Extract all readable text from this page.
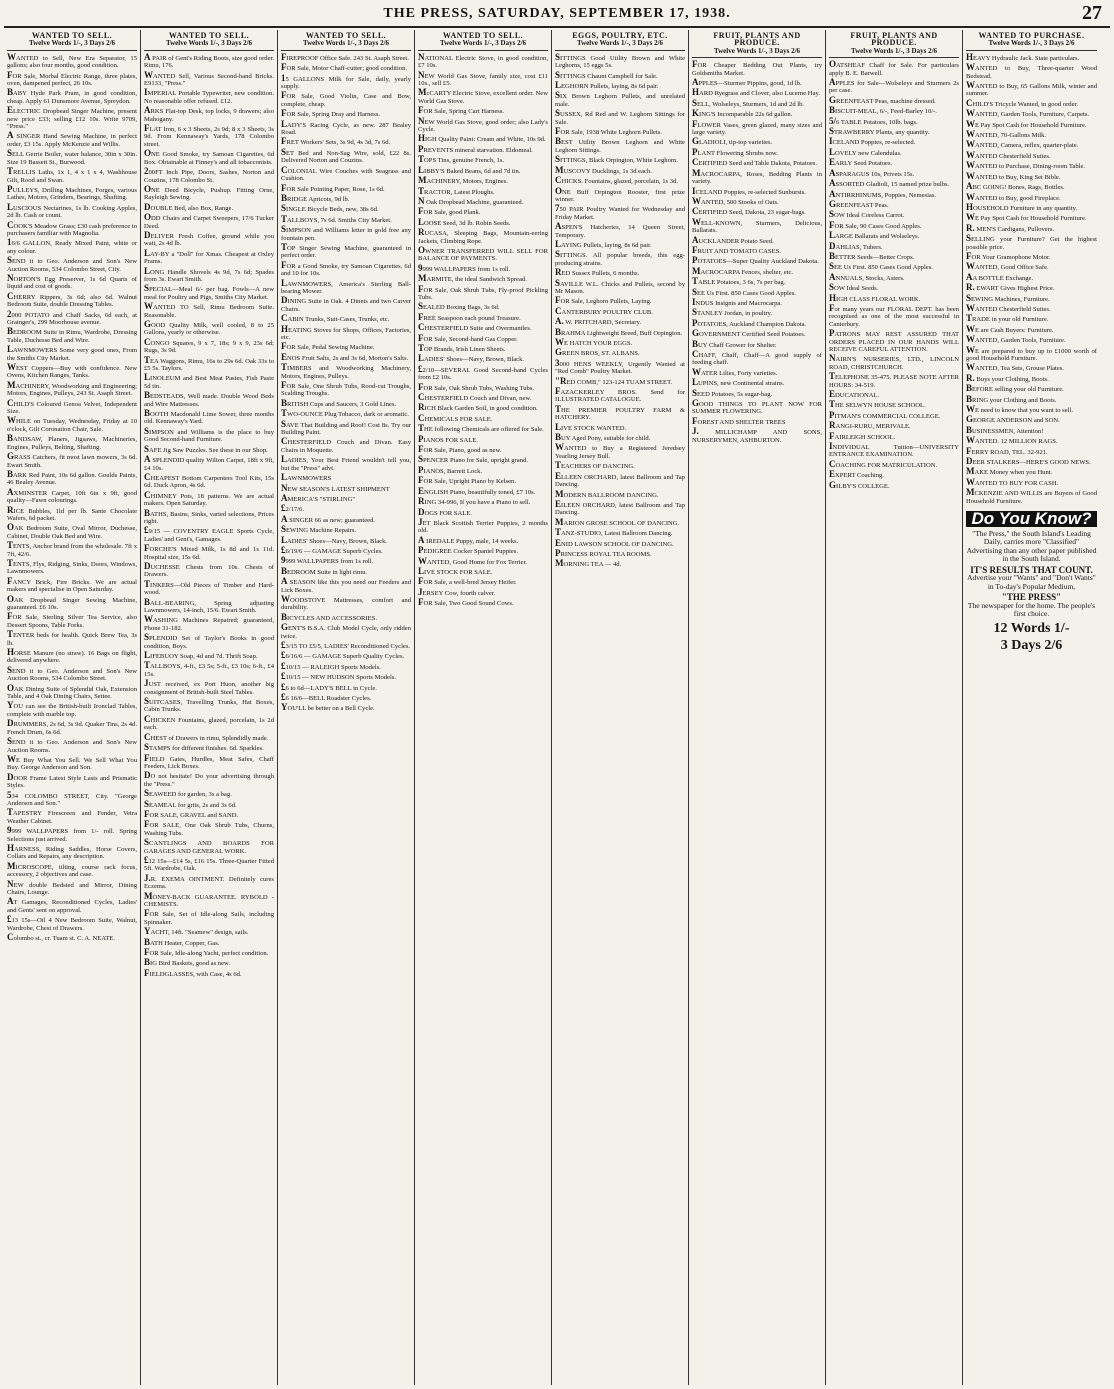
THE PRESS, SATURDAY, SEPTEMBER 17, 1938.	27
WANTED TO SELL.
Twelve Words 1/-, 3 Days 2/6
WANTED to Sell, New Era Separator, 15 gallons; also four months, good condition.
FOR Sale, Morbal Electric Range, three plates, oven, dampened perfect, 26 10s.
BABY Hyde Park Pram, in good condition, cheap. Apply 61 Dunsmore Avenue, Spreydon.
ELECTRIC Dropbead Singer Machine, present new price £33; selling £12 10s. Write 9709, "Press."
A SINGER Hand Sewing Machine, in perfect order, £3 15s. Apply McKenzie and Willis.
SELL Gerrie Boiler, water balance, 30in x 30in. Size 19 Bassett St., Burwood.
TRELLIS Laths, 1x 1, 4 x 1 x 4, Washhouse Gilt, Rood and Swan.
PULLEYS, Drilling Machines, Forges, various Lathes, Motors, Grinders, Bearings, Shafting.
LUSCIOUS Nectarines, 1s lb. Cooking Apples, 2d lb. Cash or count.
COOK'S Meadow Grass; £30 cash preference to purchasers familiar with Magnolia.
16/6 GALLON, Ready Mixed Paint, white or any colour.
SEND it to Geo. Anderson and Son's New Auction Rooms, 534 Colombo Street, City.
NORTON'S Egg Preserver, 1s 6d Quarts of liquid and cost of goods.
CHERRY Rippers, 3s 6d; also 6d. Walnut Bedroom Suite, double Dressing Tables.
2000 POTATO and Chaff Sacks, 6d each, at Grainger's, 299 Moorhouse avenue.
BEDROOM Suite in Rimu, Wardrobe, Dressing Table, Duchesse Bed and Wire.
LAWNMOWERS Some very good ones, From the Smiths City Market.
WEST Coppers—Buy with confidence. New Ovens, Kitchen Ranges, Tanks.
MACHINERY, Woodworking and Engineering; Motors, Engines, Pulleys, 243 St. Asaph Street.
CHILD'S Coloured Genoa Velvet, Independent Size.
WHILE on Tuesday, Wednesday, Friday at 10 o'clock, Gilt Coronation Chair, Sale.
BANDSAW, Planers, Jigsaws, Machineries, Engines, Pulleys, Belting, Shafting.
GRASS Catchers, fit most lawn mowers, 3s 6d. Ewart Smith.
BARK Red Paint, 10s 6d gallon. Goulds Paints, 46 Bealey Avenue.
AXMINSTER Carpet, 10ft 6in x 9ft, good quality—Fawn colourings.
RICE Bubbles, 1ld per lb. Sante Chocolate Wafers, 6d packet.
OAK Bedroom Suite, Oval Mirror, Duchesse, Cabinet, Double Oak Bed and Wire.
TENTS, Anchor brand from the wholesale. 7ft x 7ft, 42/6.
TENTS, Flys, Ridging, Sinks, Doors, Windows, Lawnmowers.
FANCY Brick, Fire Bricks. We are actual makers and specialise in Open Saturday.
OAK Dropbead Singer Sewing Machine, guaranteed. £6 10s.
FOR Sale, Sterling Silver Tea Service, also Dessert Spoons, Table Forks.
TENTER beds for health. Quick Brew Tea, 3s lb.
HORSE Manure (no straw). 16 Bags on flight, delivered anywhere.
SEND it to Geo. Anderson and Son's New Auction Rooms, 534 Colombo Street.
OAK Dining Suite of Splendid Oak, Extension Table, and 4 Oak Dining Chairs, Settee.
YOU can see the British-built Ironclad Tables, complete with marble top.
DRUMMERS, 2s 6d, 3s 9d. Quaker Tins, 2s 4d. French Drum, 6s 6d.
SEND it to Geo. Anderson and Son's New Auction Rooms.
WE Buy What You Sell. We Sell What You Buy. George Anderson and Son.
DOOR Frame Latest Style Lasts and Prismatic Styles.
534 COLOMBO STREET, City. "George Anderson and Son."
TAPESTRY Firescreen and Fender, Vetra Weather Cabinet.
9999 WALLPAPERS from 1/- roll. Spring Selections just arrived.
HARNESS, Riding Saddles, Horse Covers, Collars and Repairs, any description.
MICROSCOPE, tilting, course rack focus, accessory, 2 objectives and case.
NEW double Bedsted and Mirror, Dining Chairs, Lounge.
AT Gamages, Reconditioned Cycles, Ladies' and Gents' sent on approval.
£13 15s—Oil 4 New Bedroom Suite, Walnut, Wardrobe, Chest of Drawers.
Colombo st., cr. Tuam st. C. A. NEATE.
WANTED TO SELL.
Twelve Words 1/-, 3 Days 2/6
A PAIR of Gent's Riding Boots, size good order. Rimu, 176.
WANTED Sell, Various Second-hand Bricks. E9133, "Press."
IMPERIAL Portable Typewriter, new condition. No reasonable offer refused. £12.
ARKS Flat-top Desk, top locks, 9 drawers; also Mahogany.
FLAT Iron, 6 x 3 Sheets, 2s 9d; 8 x 3 Sheets, 3s 9d. From Kennaway's Yards, 178 Colombo street.
ONE Good Smoke, try Samoan Cigarettes, 6d Box. Obtainable at Finney's and all tobacconists.
200FT Inch Pipe, Doors, Sashes, Norton and Couzins, 178 Colombo St.
ONE Deed Bicycle, Pushup. Fitting Orne, Rayleigh Sewing.
DOUBLE Bed, also Box, Range.
ODD Chairs and Carpet Sweepers, 17/6 Tucker Deed.
DELIVER Fresh Coffee, ground while you wait, 2s 4d lb.
LAY-BY a "Doll" for Xmas. Cheapest at Oxley Prams.
LONG Handle Shovels 4s 9d, 7s 6d; Spades from 3s. Ewart Smith.
SPECIAL—Meal 6/- per bag. Fowls—A new meal for Poultry and Pigs, Smiths City Market.
WANTED TO Sell, Rimu Bedroom Suite. Reasonable.
GOOD Quality Milk, well cooled, 8 to 25 Gallons, yearly or otherwise.
CONGO Squares, 9 x 7, 18s; 9 x 9, 23s 6d; Rugs, 3s 9d.
TEA Waggons, Rimu, 16s to 29s 6d. Oak 33s to £5 5s. Taylors.
LINOLEUM and Best Meat Pastes, Fish Paste 5d tin.
BEDSTEADS, Well made. Double Wood Beds and Wire Mattresses.
BOOTH Macdonald Lime Sower, three months old. Kennaway's Yard.
SIMPSON and Williams is the place to buy Good Second-hand Furniture.
SAFE Jig Saw Puzzles. See these in our Shop.
A SPLENDID quality Wilton Carpet, 18ft x 9ft, £4 10s.
CHEAPEST Bottom Carpenters Tool Kits, 15s 6d. Duck Apron, 4s 6d.
CHIMNEY Pots, 18 patterns. We are actual makers. Open Saturday.
BATHS, Basins, Sinks, varied selections, Prices right.
£9/15 — COVENTRY EAGLE Sports Cycle, Ladies' and Gent's, Gamages.
FORCHE'S Mixed Milk, 1s 8d and 1s 11d. Hospital size, 15s 6d.
DUCHESSE Chests from 10s. Chests of Drawers.
TINKERS—Old Pieces of Timber and Hard-wood.
BALL-BEARING, Spring adjusting Lawnmowers, 14-inch, 15/6. Ewart Smith.
WASHING Machines Repaired; guaranteed, Phone 31-182.
SPLENDID Set of Taylor's Books in good condition, Boys.
LIFEBUOY Soap, 4d and 7d. Thrift Soap.
TALLBOYS, 4-ft., £3 5s; 5-ft., £3 10s; 6-ft., £4 15s.
JUST received, ex Port Huon, another big consignment of British-built Steel Tables.
SUITCASES, Travelling Trunks, Hat Boxes, Cabin Trunks.
CHICKEN Fountains, glazed, porcelain, 1s 2d each.
CHEST of Drawers in rimu, Splendidly made.
STAMPS for different finishes. 6d. Sparkles.
FIELD Gates, Hurdles, Meat Safes, Chaff Feeders, Lick Boxes.
DO not hesitate! Do your advertising through the "Press."
SEAWEED for garden, 3s a bag.
SEAMEAL for grits, 2s and 3s 6d.
FOR SALE, GRAVEL and SAND.
FOR SALE, One Oak Shrub Tubs, Churns, Washing Tubs.
SCANTLINGS AND BOARDS FOR GARAGES AND GENERAL WORK.
£12 15s—£14 5s, £16 15s. Three-Quarter Fitted 5ft. Wardrobe, Oak.
J.R. EXEMA OINTMENT. Definitely cures Eczema.
MONEY-BACK GUARANTEE. RYBOLD - CHEMISTS.
FOR Sale, Set of Idle-along Sails, including Spinnaker.
YACHT, 14ft. "Seamew" design, sails.
BATH Heater, Copper, Gas.
FOR Sale, Idle-along Yacht, perfect condition.
BIG Bird Baskets, good as new.
FIELDGLASSES, with Case, 4s 6d.
WANTED TO SELL.
Twelve Words 1/-, 3 Days 2/6
FIREPROOF Office Safe. 243 St. Asaph Street.
FOR Sale, Motor Chaff-cutter; good condition.
15 GALLONS Milk for Sale, daily, yearly supply.
FOR Sale, Good Violin, Case and Bow, complete, cheap.
FOR Sale, Spring Dray and Harness.
LADY'S Racing Cycle, as new. 287 Bealey Road.
FRET Workers' Sets, 3s 9d, 4s 3d, 7s 6d.
SET Bed and Non-Sag Wire, sold, £22 8s. Delivered Norton and Couzins.
COLONIAL Wire Couches with Seagrass and Cushion.
FOR Sale Pointing Paper, Rose, 1s 6d.
BRIDGE Apricots, 9d lb.
SINGLE Bicycle Beds, new, 38s 6d.
TALLBOYS, 7s 6d. Smiths City Market.
SIMPSON and Williams letter in gold free any fountain pen.
TOP Singer Sewing Machine, guaranteed in perfect order.
FOR a Good Smoke, try Samoan Cigarettes. 6d and 10 for 10s.
LAWNMOWERS, America's Sterling Ball-bearing Mower.
DINING Suite in Oak. 4 Dinets and two Carver Chairs.
CABIN Trunks, Suit-Cases, Trunks, etc.
HEATING Stoves for Shops, Offices, Factories, etc.
FOR Sale, Pedal Sewing Machine.
ENOS Fruit Salts, 2s and 3s 6d, Morton's Salts.
TIMBERS and Woodworking Machinery, Motors, Engines, Pulleys.
FOR Sale, One Shrub Tubs, Rood-cut Troughs, Scalding Troughs.
BRITISH Cups and Saucers, 3 Gold Lines.
TWO-OUNCE Plug Tobacco, dark or aromatic.
SAVE That Building and Roof! Cost 8s. Try our Building Paint.
CHESTERFIELD Couch and Divan. Easy Chairs in Moquette.
LADIES, Your Best Friend wouldn't tell you, but the "Press" advt.
LAWNMOWERS
NEW SEASON'S LATEST SHIPMENT
AMERICA'S "STIRLING"
£2/17/6.
A SINGER 66 as new; guaranteed.
SEWING Machine Repairs.
LADIES' Shoes—Navy, Brown, Black.
£6/19/6 — GAMAGE Superb Cycles.
9999 WALLPAPERS from 1s roll.
BEDROOM Suite in light rimu.
A SEASON like this you need our Feeders and Lick Boxes.
WOODSTOVE Mattresses, comfort and durability.
BICYCLES AND ACCESSORIES.
GENT'S B.S.A. Club Model Cycle, only ridden twice.
£3/15 TO £5/5, LADIES' Reconditioned Cycles.
£6/16/6 — GAMAGE Superb Quality Cycles.
£10/15 — RALEIGH Sports Models.
£10/15 — NEW HUDSON Sports Models.
£6 to 6d—LADY'S BELL in Cycle.
£6 16/6—BELL Roadster Cycles.
YOU'LL be better on a Bell Cycle.
WANTED TO SELL.
Twelve Words 1/-, 3 Days 2/6
NATIONAL Electric Stove, in good condition, £7 10s.
NEW World Gas Stove, family size, cost £11 10s., sell £5.
McCARTY Electric Stove, excellent order. New World Gas Stove.
FOR Sale, Spring Cart Harness.
NEW World Gas Stove, good order; also Lady's Cycle.
HIGH Quality Paint: Cream and White, 10s 9d.
PREVENTS mineral starvation. Eldomeal.
TOPS Tins, genuine French, 1s.
LIBBY'S Baked Beans, 6d and 7d tin.
MACHINERY, Motors, Engines.
TRACTOR, Latest Ploughs.
N Oak Dropbead Machine, guaranteed.
FOR Sale, good Plank.
LOOSE Seed, 3d lb. Robin Seeds.
RUCASA, Sleeping Bags, Mountain-eering Jackets, Climbing Rope.
OWNER TRANSFERRED WILL SELL FOR BALANCE OF PAYMENTS.
9999 WALLPAPERS from 1s roll.
MARMITE, the ideal Sandwich Spread.
FOR Sale, Oak Shrub Tubs, Fly-proof Pickling Tubs.
SEALED Boxing Bags, 3s 6d.
FREE Seaspoon each pound Treasure.
CHESTERFIELD Suite and Overmantles.
FOR Sale, Second-hand Gas Copper.
TOP Brands, Irish Linen Sheets.
LADIES' Shoes—Navy, Brown, Black.
£2/10—SEVERAL Good Second-hand Cycles from £2 10s.
FOR Sale, Oak Shrub Tubs, Washing Tubs.
CHESTERFIELD Couch and Divan, new.
RICH Black Garden Soil, in good condition.
CHEMICALS FOR SALE.
THE following Chemicals are offered for Sale.
PIANOS FOR SALE.
FOR Sale, Piano, good as new.
SPENCER Piano for Sale, upright grand.
PIANOS, Barrett Lock.
FOR Sale, Upright Piano by Kelsen.
ENGLISH Piano, beautifully toned, £7 10s.
RING 34-996, If you have a Piano to sell.
DOGS FOR SALE.
JET Black Scottish Terrier Puppies, 2 months old.
A IREDALE Puppy, male, 14 weeks.
PEDIGREE Cocker Spaniel Puppies.
WANTED, Good Home for Fox Terrier.
LIVE STOCK FOR SALE.
FOR Sale, a well-bred Jersey Heifer.
JERSEY Cow, fourth calver.
FOR Sale, Two Good Sound Cows.
EGGS, POULTRY, ETC.
Twelve Words 1/-, 3 Days 2/6
SITTINGS Good Utility Brown and White Leghorns, 15 eggs 5s.
SITTINGS Chaunt Campbell for Sale.
LEGHORN Pullets, laying, 8s 6d pair.
SIX Brown Leghorn Pullets, and unrelated male.
SUSSEX, Rd Red and W. Leghorn Sittings for Sale.
FOR Sale, 1938 White Leghorn Pullets.
BEST Utility Brown Leghorn and White Leghorn Sittings.
SITTINGS, Black Orpington, White Leghorn.
MUSCOVY Ducklings, 1s 3d each.
CHICKS. Fountains, glazed, porcelain, 1s 3d.
ONE Buff Orpington Rooster, first prize winner.
750 PAIR Poultry Wanted for Wednesday and Friday Market.
ASPEN'S Hatcheries, 14 Queen Street, Temporary.
LAYING Pullets, laying, 8s 6d pair.
SITTINGS. All popular breeds, this egg-producing strains.
RED Sussex Pullets, 6 months.
SAVILLE W.L. Chicks and Pullets, second by Mr Mason.
FOR Sale, Leghorn Pullets, Laying.
CANTERBURY POULTRY CLUB.
A. W. PRITCHARD, Secretary.
BRAHMA Lightweight Breed, Buff Orpington.
WE HATCH YOUR EGGS.
GREEN BROS, ST. ALBANS.
3000 HENS WEEKLY, Urgently Wanted at "Red Comb" Poultry Market.
"RED COMB," 123-124 TUAM STREET.
FAZACKERLEY BROS. Send for ILLUSTRATED CATALOGUE.
THE PREMIER POULTRY FARM & HATCHERY.
LIVE STOCK WANTED.
BUY Aged Pony, suitable for child.
WANTED to Buy a Registered Jeredsey Yearling Jersey Bull.
TEACHERS OF DANCING.
ELLEEN ORCHARD, latest Ballroom and Tap Dancing.
MODERN BALLROOM DANCING.
EILEEN ORCHARD, latest Ballroom and Tap Dancing.
MARION GROSE SCHOOL OF DANCING.
TANZ-STUDIO, Latest Ballroom Dancing.
ENID LAWSON SCHOOL OF DANCING.
PRINCESS ROYAL TEA ROOMS.
MORNING TEA — 4d.
FRUIT, PLANTS AND PRODUCE.
Twelve Words 1/-, 3 Days 2/6
FOR Cheaper Bedding Out Plants, try Goldsmiths Market.
APPLES—Sturmer Pippins, good, 1d lb.
HARD Ryegrass and Clover, also Lucerne Hay.
SELL, Wolseleys, Sturmers, 1d and 2d lb.
KING'S Incomparable 22s 6d gallon.
FLOWER Vases, green glazed, many sizes and large variety.
GLADIOLI, tip-top varieties.
PLANT Flowering Shrubs now.
CERTIFIED Seed and Table Dakota, Potatoes.
MACROCARPA, Roses, Bedding Plants in variety.
ICELAND Poppies, re-selected Sunbursts.
WANTED, 500 Stooks of Oats.
CERTIFIED Seed, Dakota, 23 sugar-bags.
WELL-KNOWN, Sturmers, Delicious, Ballarats.
AUCKLANDER Potato Seed.
FRUIT AND TOMATO CASES.
POTATOES—Super Quality Auckland Dakota.
MACROCARPA Fences, shelter, etc.
TABLE Potatoes, 3 6s, 7s per bag.
SEE Us First. 850 Cases Good Apples.
INDUS Insignis and Macrocarpa.
STANLEY Jordan, in poultry.
POTATOES, Auckland Champion Dakota.
GOVERNMENT Certified Seed Potatoes.
BUY Chaff Grower for Shelter.
CHAFF, Chaff, Chaff—A good supply of feeding chaff.
WATER Lilies, Forty varieties.
LUPINS, new Continental strains.
SEED Potatoes, 5s sugar-bag.
GOOD THINGS TO PLANT NOW FOR SUMMER FLOWERING.
FOREST AND SHELTER TREES
J. MILLICHAMP AND SONS, NURSERYMEN, ASHBURTON.
FRUIT, PLANTS AND PRODUCE.
Twelve Words 1/-, 3 Days 2/6
OATSHEAF Chaff for Sale. For particulars apply B. E. Barwell.
APPLES for Sale—Wolseleys and Sturmers 2s per case.
GREENFEAST Peas, machine dressed.
BISCUIT-MEAL, 6/-, Feed-Barley 10/-.
5/6 TABLE Potatoes, 10lb. bags.
STRAWBERRY Plants, any quantity.
ICELAND Poppies, re-selected.
LOVELY new Calendulas.
EARLY Seed Potatoes.
ASPARAGUS 10s, Privets 15s.
ASSORTED Gladioli, 15 named prize bulbs.
ANTIRRHINUMS, Poppies, Nemesias.
GREENFEAST Peas.
SOW Ideal Coreless Carrot.
FOR Sale, 90 Cases Good Apples.
LARGE Ballarats and Wolseleys.
DAHLIAS, Tubers.
BETTER Seeds—Better Crops.
SEE Us First. 850 Cases Good Apples.
ANNUALS, Stocks, Asters.
SOW Ideal Seeds.
HIGH CLASS FLORAL WORK.
For many years our FLORAL DEPT. has been recognised as one of the most successful in Canterbury.
PATRONS MAY REST ASSURED THAT ORDERS PLACED IN OUR HANDS WILL RECEIVE CAREFUL ATTENTION.
NAIRN'S NURSERIES, LTD., LINCOLN ROAD, CHRISTCHURCH.
TELEPHONE 35-475. PLEASE NOTE AFTER HOURS: 34-519.
EDUCATIONAL.
THE SELWYN HOUSE SCHOOL.
PITMAN'S COMMERCIAL COLLEGE.
RANGI-RURU, MERIVALE.
FAIRLEIGH SCHOOL.
INDIVIDUAL Tuition—UNIVERSITY ENTRANCE EXAMINATION.
COACHING FOR MATRICULATION.
EXPERT Coaching.
GILBY'S COLLEGE.
WANTED TO PURCHASE.
Twelve Words 1/-, 3 Days 2/6
HEAVY Hydraulic Jack. State particulars.
WANTED to Buy, Three-quarter Wood Bedstead.
WANTED to Buy, 65 Gallons Milk, winter and summer.
CHILD'S Tricycle Wanted, in good order.
WANTED, Garden Tools, Furniture, Carpets.
WE Pay Spot Cash for Household Furniture.
WANTED, 70-Gallons Milk.
WANTED, Camera, reflex, quarter-plate.
WANTED Chesterfield Suites.
WANTED to Purchase, Dining-room Table.
WANTED to Buy, King Set Bible.
ABC GOING! Bones, Rags, Bottles.
WANTED to Buy, good Fireplace.
HOUSEHOLD Furniture in any quantity.
WE Pay Spot Cash for Household Furniture.
R. MEN'S Cardigans, Pullovers.
SELLING your Furniture? Get the highest possible price.
FOR Your Gramophone Motor.
WANTED, Good Office Safe.
AA BOTTLE Exchange.
R. EWART Gives Highest Price.
SEWING Machines, Furniture.
WANTED Chesterfield Suites.
TRADE in your old Furniture.
WE are Cash Buyers: Furniture.
WANTED, Garden Tools, Furniture.
WE are prepared to buy up to £1000 worth of good Household Furniture.
WANTED, Tea Sets, Grouse Plates.
R. Buys your Clothing, Boots.
BEFORE selling your old Furniture.
BRING your Clothing and Boots.
WE need to know that you want to sell.
GEORGE ANDERSON and SON.
BUSINESSMEN, Attention!
WANTED. 12 MILLION RAGS.
FERRY ROAD, TEL. 32-921.
DEER STALKERS—HERE'S GOOD NEWS.
MAKE Money when you Hunt.
WANTED TO BUY FOR CASH.
MCKENZIE AND WILLIS are Buyers of Good Household Furniture.
Do You Know?
"The Press," the South Island's Leading Daily, carries more "Classified" Advertising than any other paper published in the South Island.
IT'S RESULTS THAT COUNT.
Advertise your "Wants" and "Don't Wants" in To-day's Popular Medium,
"THE PRESS"
The newspaper for the home. The people's first choice.
12 Words 1/-
3 Days 2/6
